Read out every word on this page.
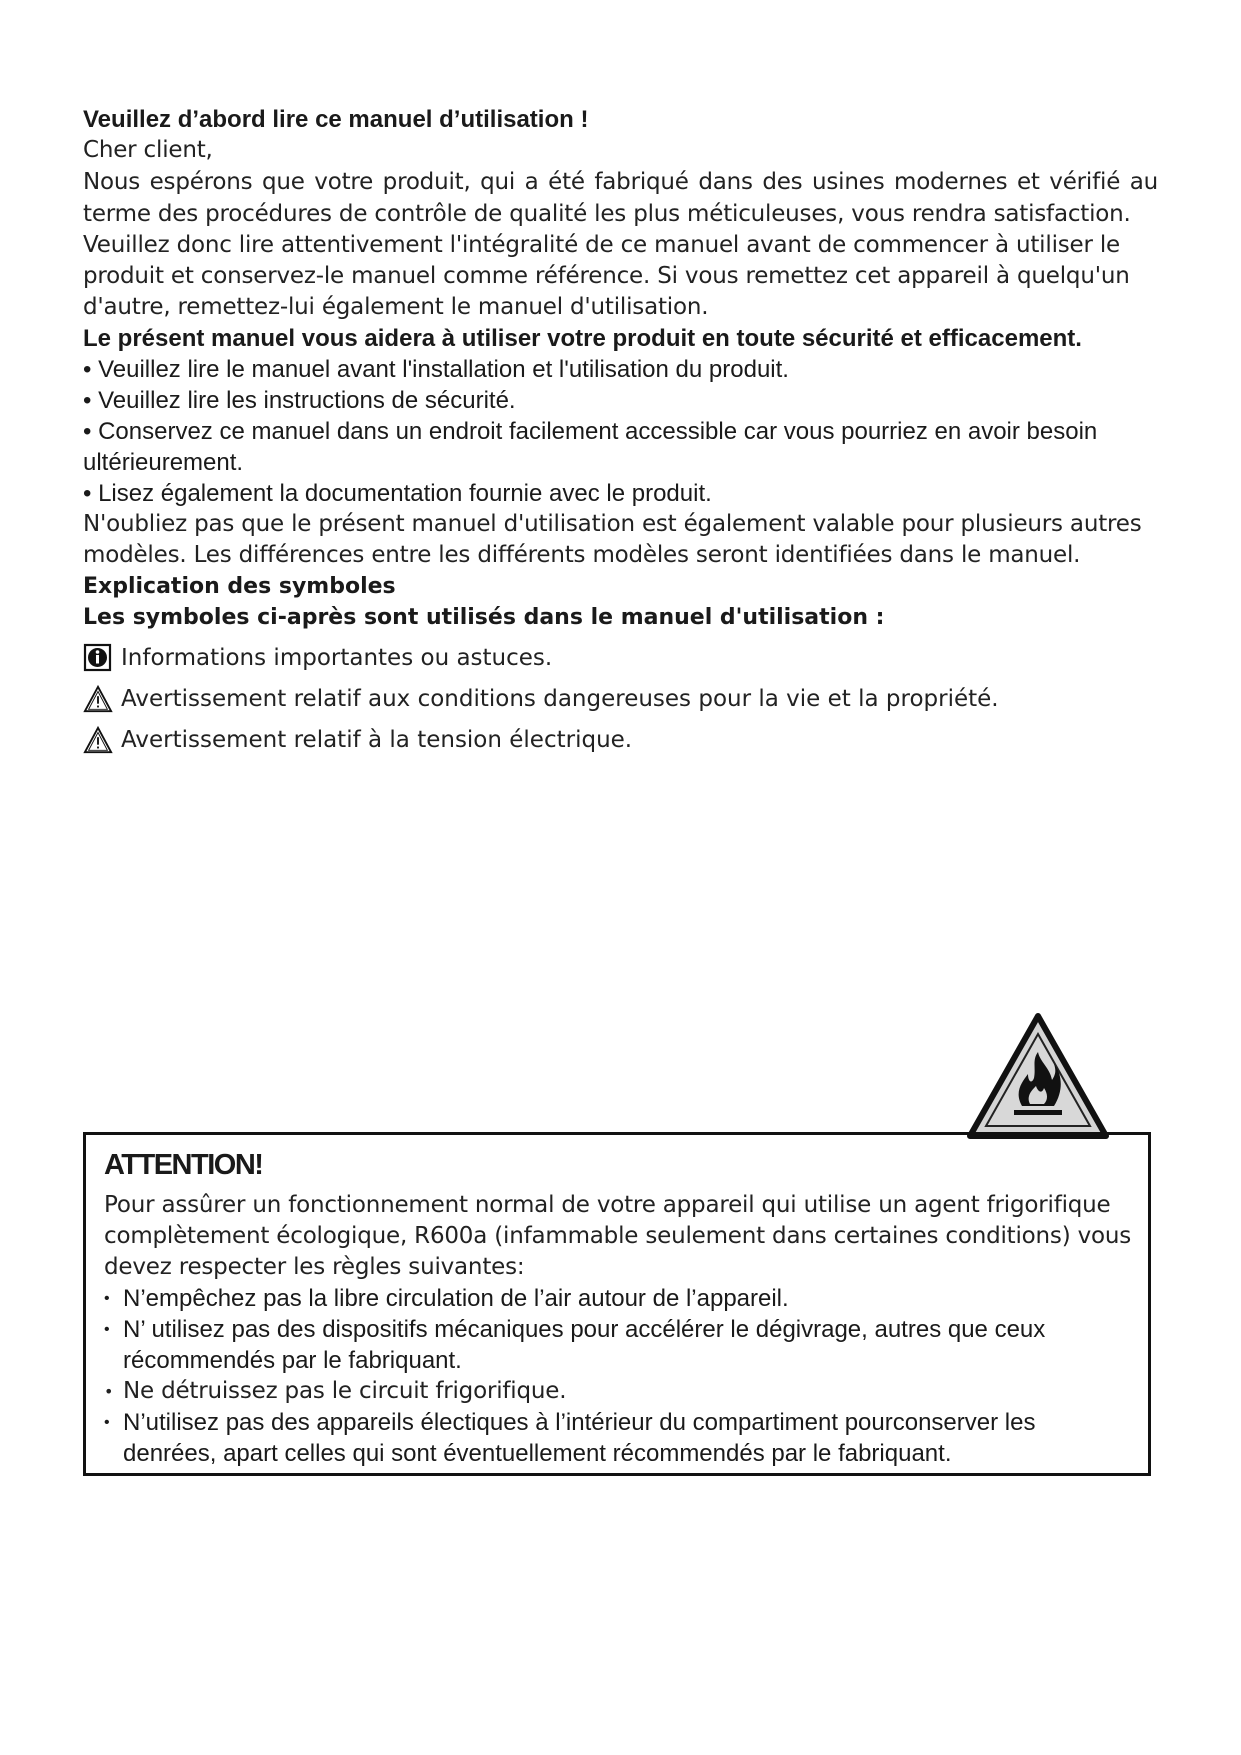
Veuillez d’abord lire ce manuel d’utilisation !

Cher client,

Nous espérons que votre produit, qui a été fabriqué dans des usines modernes et vérifié au terme des procédures de contrôle de qualité les plus méticuleuses, vous rendra satisfaction.

Veuillez donc lire attentivement l'intégralité de ce manuel avant de commencer à utiliser le produit et conservez-le manuel comme référence. Si vous remettez cet appareil à quelqu'un d'autre, remettez-lui également le manuel d'utilisation.

Le présent manuel vous aidera à utiliser votre produit en toute sécurité et efficacement.

• Veuillez lire le manuel avant l'installation et l'utilisation du produit.

• Veuillez lire les instructions de sécurité.

• Conservez ce manuel dans un endroit facilement accessible car vous pourriez en avoir besoin ultérieurement.

• Lisez également la documentation fournie avec le produit.

N'oubliez pas que le présent manuel d'utilisation est également valable pour plusieurs autres modèles. Les différences entre les différents modèles seront identifiées dans le manuel.

Explication des symboles

Les symboles ci-après sont utilisés dans le manuel d'utilisation :

Informations importantes ou astuces.
Avertissement relatif aux conditions dangereuses pour la vie et la propriété.
Avertissement relatif à la tension électrique.

ATTENTION!

Pour assûrer un fonctionnement normal de votre appareil qui utilise un agent frigorifique complètement écologique, R600a (infammable seulement dans certaines conditions) vous devez respecter les règles suivantes:

• N’empêchez pas la libre circulation de l’air autour de l’appareil.

• N’ utilisez pas des dispositifs mécaniques pour accélérer le dégivrage, autres que ceux récommendés par le fabriquant.

• Ne détruissez pas le circuit frigorifique.

• N’utilisez pas des appareils électiques à l’intérieur du compartiment pourconserver les denrées, apart celles qui sont éventuellement récommendés par le fabriquant.
